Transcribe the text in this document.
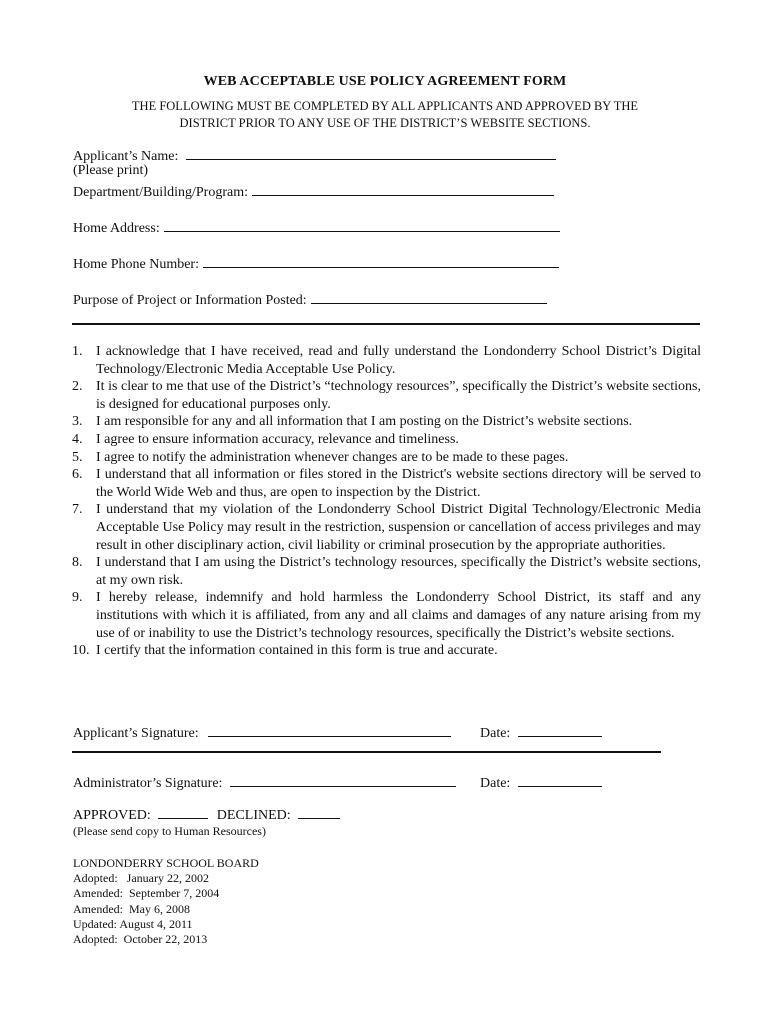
WEB ACCEPTABLE USE POLICY AGREEMENT FORM
THE FOLLOWING MUST BE COMPLETED BY ALL APPLICANTS AND APPROVED BY THE
DISTRICT PRIOR TO ANY USE OF THE DISTRICT’S WEBSITE SECTIONS.
Applicant’s Name:
(Please print)
Department/Building/Program:
Home Address:
Home Phone Number:
Purpose of Project or Information Posted:
1. I acknowledge that I have received, read and fully understand the Londonderry School District’s Digital Technology/Electronic Media Acceptable Use Policy.
2. It is clear to me that use of the District’s “technology resources”, specifically the District’s website sections, is designed for educational purposes only.
3. I am responsible for any and all information that I am posting on the District’s website sections.
4. I agree to ensure information accuracy, relevance and timeliness.
5. I agree to notify the administration whenever changes are to be made to these pages.
6. I understand that all information or files stored in the District's website sections directory will be served to the World Wide Web and thus, are open to inspection by the District.
7. I understand that my violation of the Londonderry School District Digital Technology/Electronic Media Acceptable Use Policy may result in the restriction, suspension or cancellation of access privileges and may result in other disciplinary action, civil liability or criminal prosecution by the appropriate authorities.
8. I understand that I am using the District’s technology resources, specifically the District’s website sections, at my own risk.
9. I hereby release, indemnify and hold harmless the Londonderry School District, its staff and any institutions with which it is affiliated, from any and all claims and damages of any nature arising from my use of or inability to use the District’s technology resources, specifically the District’s website sections.
10. I certify that the information contained in this form is true and accurate.
Applicant’s Signature:	Date:
Administrator’s Signature:	Date:
APPROVED:	DECLINED:
(Please send copy to Human Resources)
LONDONDERRY SCHOOL BOARD
Adopted:   January 22, 2002
Amended:  September 7, 2004
Amended:  May 6, 2008
Updated: August 4, 2011
Adopted:  October 22, 2013
